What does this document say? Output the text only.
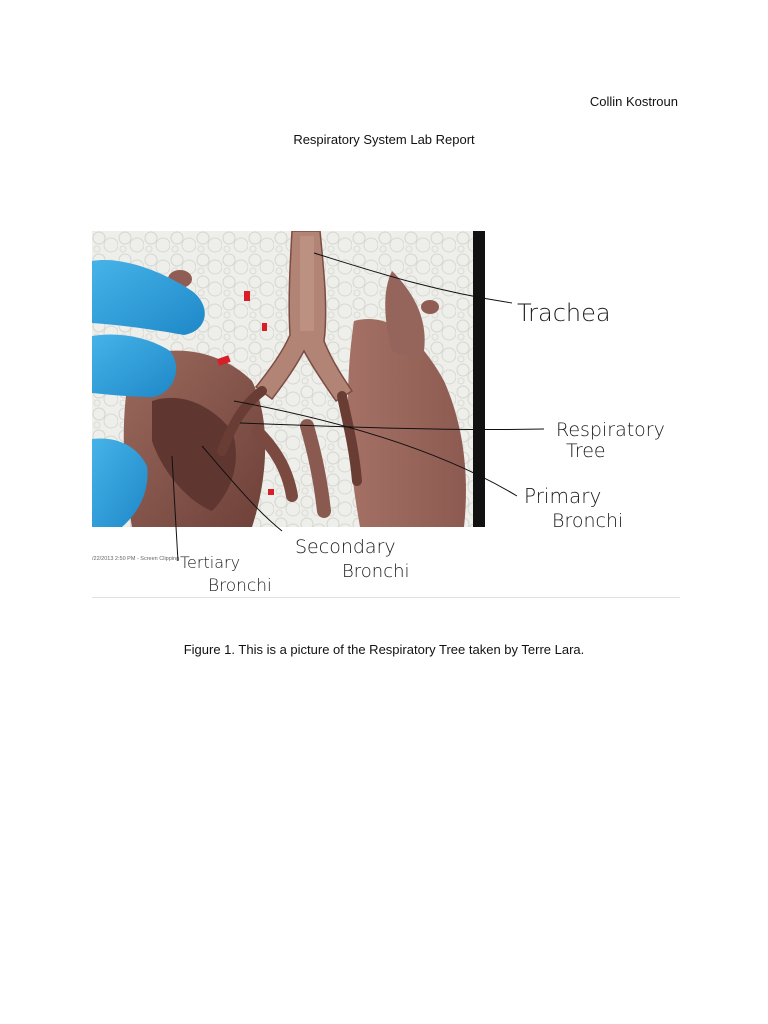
Collin Kostroun
Respiratory System Lab Report
/22/2013 2:50 PM - Screen Clipping
Trachea
Respiratory
Tree
Primary
Bronchi
Secondary
Bronchi
Tertiary
Bronchi
Figure 1. This is a picture of the Respiratory Tree taken by Terre Lara.
